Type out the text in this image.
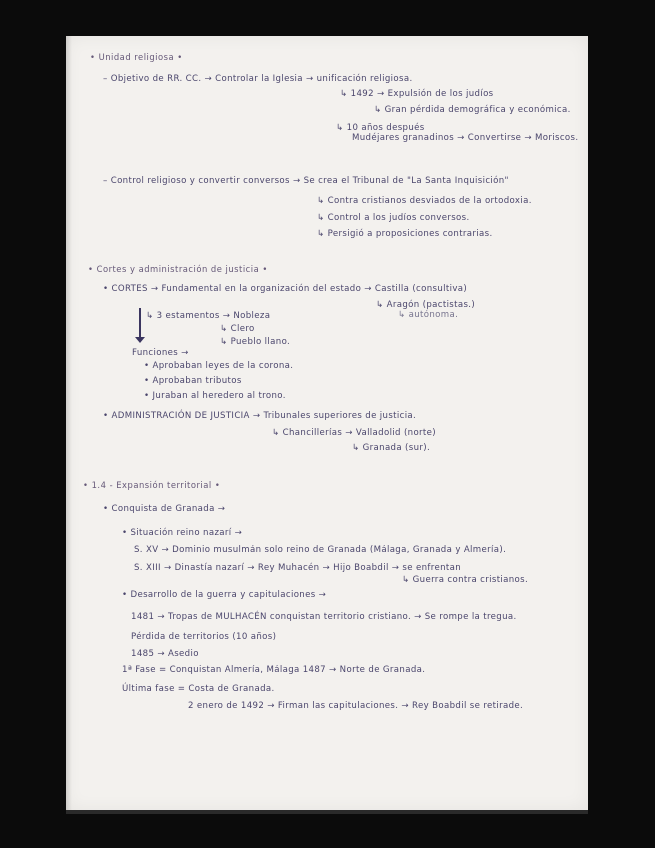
• Unidad religiosa •
– Objetivo de RR. CC. → Controlar la Iglesia → unificación religiosa.
↳ 1492 → Expulsión de los judíos
↳ Gran pérdida demográfica y económica.
↳ 10 años después
Mudéjares granadinos → Convertirse → Moriscos.
– Control religioso y convertir conversos → Se crea el Tribunal de "La Santa Inquisición"
↳ Contra cristianos desviados de la ortodoxia.
↳ Control a los judíos conversos.
↳ Persigió a proposiciones contrarias.
• Cortes y administración de justicia •
• CORTES → Fundamental en la organización del estado → Castilla (consultiva)
↳ Aragón (pactistas.)
↳ autónoma.
↳ 3 estamentos → Nobleza
↳ Clero
↳ Pueblo llano.
Funciones →
• Aprobaban leyes de la corona.
• Aprobaban tributos
• Juraban al heredero al trono.
• ADMINISTRACIÓN DE JUSTICIA → Tribunales superiores de justicia.
↳ Chancillerías → Valladolid (norte)
↳ Granada (sur).
• 1.4 - Expansión territorial •
• Conquista de Granada →
• Situación reino nazarí →
S. XV → Dominio musulmán solo reino de Granada (Málaga, Granada y Almería).
S. XIII → Dinastía nazarí → Rey Muhacén → Hijo Boabdil → se enfrentan
↳ Guerra contra cristianos.
• Desarrollo de la guerra y capitulaciones →
1481 → Tropas de MULHACÉN conquistan territorio cristiano. → Se rompe la tregua.
Pérdida de territorios (10 años)
1485 → Asedio
1ª Fase = Conquistan Almería, Málaga 1487 → Norte de Granada.
Última fase = Costa de Granada.
2 enero de 1492 → Firman las capitulaciones. → Rey Boabdil se retirade.
